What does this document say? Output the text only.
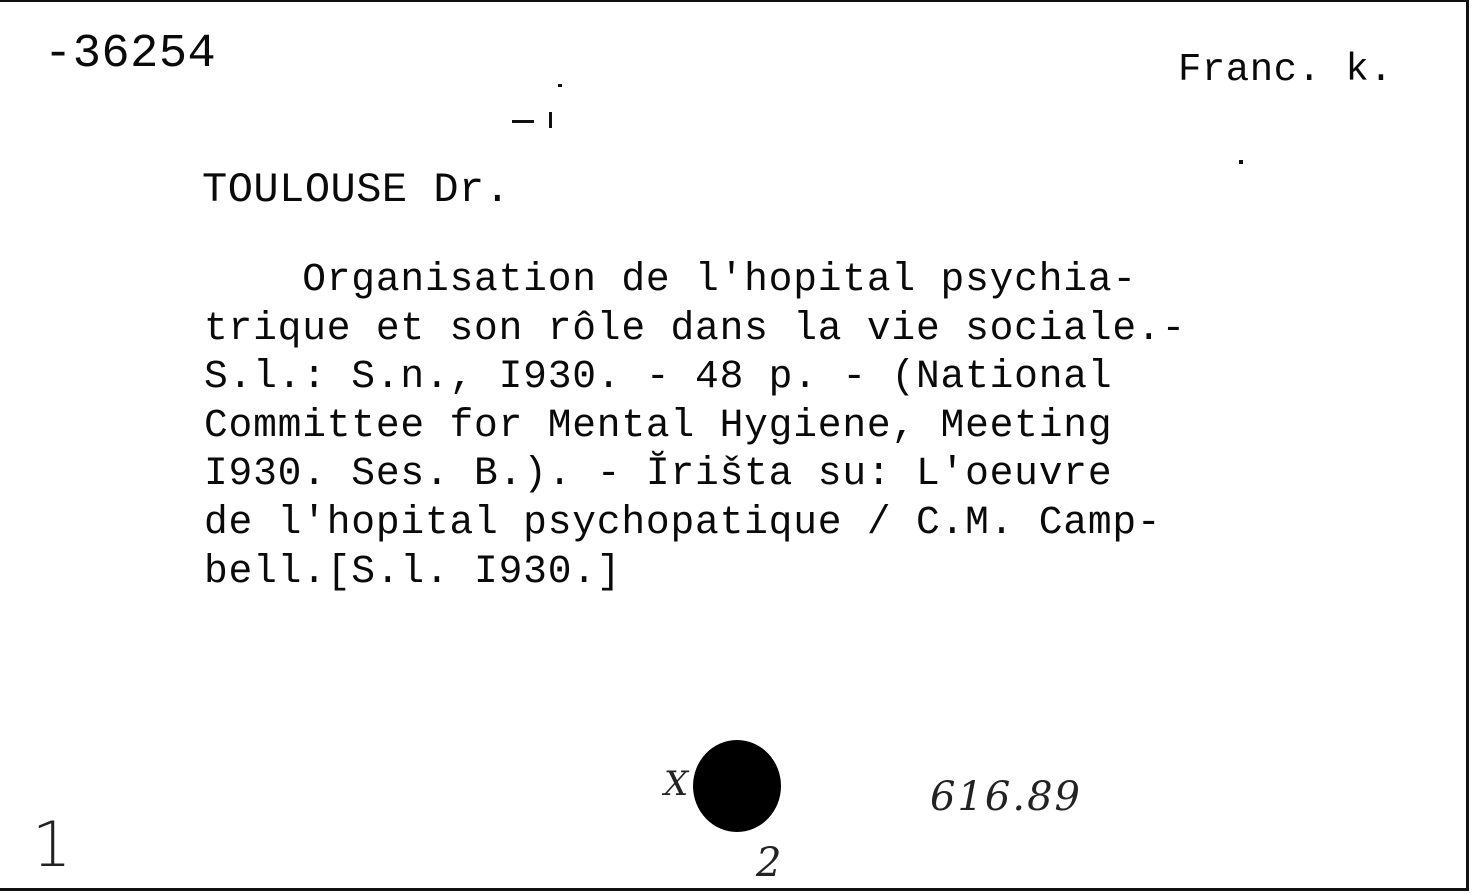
-36254	Franc. k.
TOULOUSE Dr.
Organisation de l'hopital psychia-
trique et son rôle dans la vie sociale.-
S.l.: S.n., I930. - 48 p. - (National
Committee for Mental Hygiene, Meeting
I930. Ses. B.). - Ĭrišta su: L'oeuvre
de l'hopital psychopatique / C.M. Camp-
bell.[S.l. I930.]
X	616.89
2
1
